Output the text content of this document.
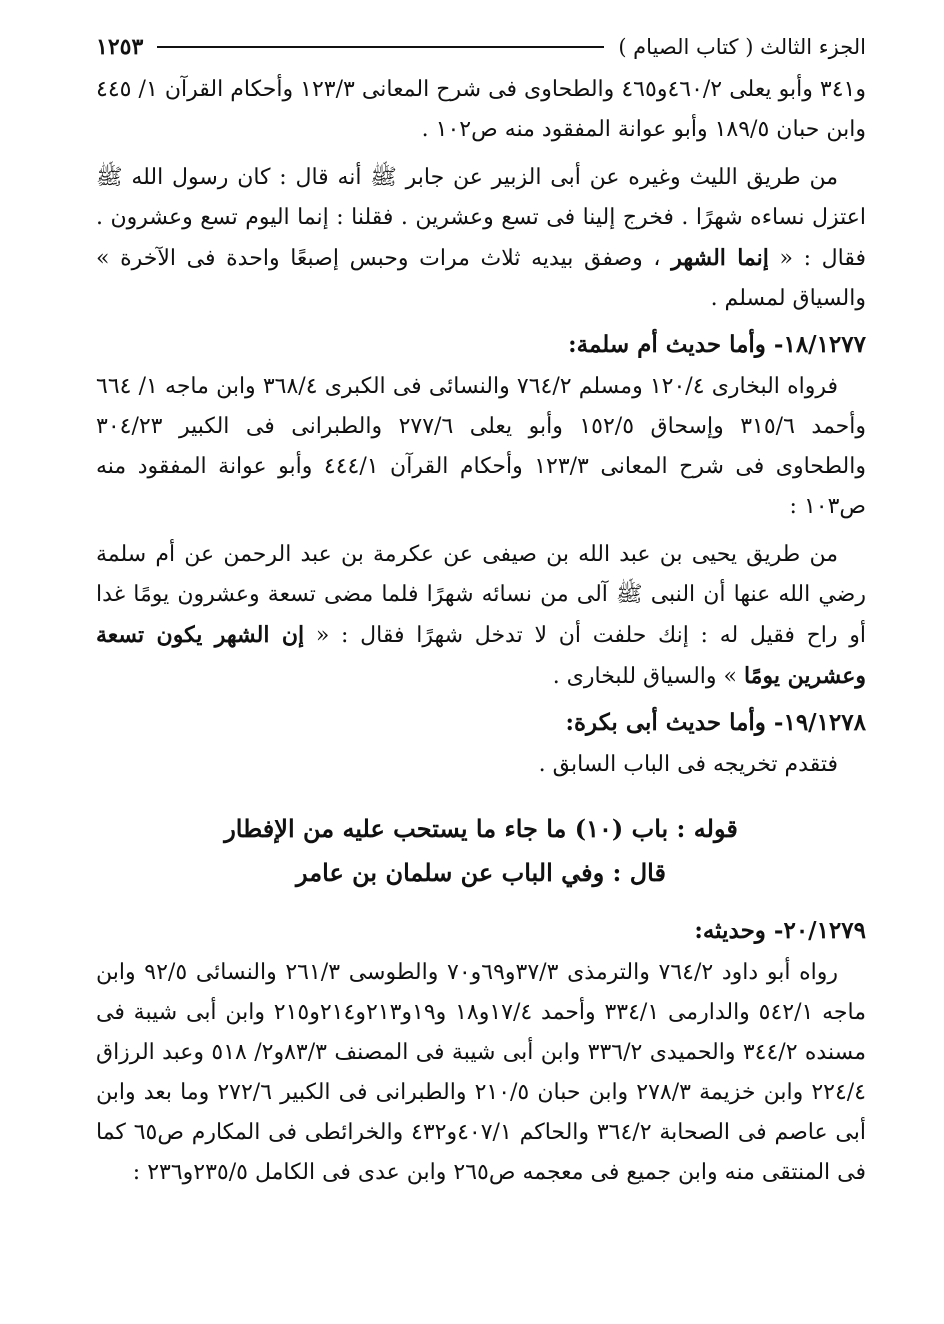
الجزء الثالث ( كتاب الصيام )
١٢٥٣

و٣٤١ وأبو يعلى ٤٦٠/٢و٤٦٥ والطحاوى فى شرح المعانى ١٢٣/٣ وأحكام القرآن ١/ ٤٤٥ وابن حبان ١٨٩/٥ وأبو عوانة المفقود منه ص١٠٢ .

من طريق الليث وغيره عن أبى الزبير عن جابر ﷺ أنه قال : كان رسول الله ﷺ اعتزل نساءه شهرًا . فخرج إلينا فى تسع وعشرين . فقلنا : إنما اليوم تسع وعشرون . فقال : « إنما الشهر ، وصفق بيديه ثلاث مرات وحبس إصبعًا واحدة فى الآخرة » والسياق لمسلم .

١٨/١٢٧٧- وأما حديث أم سلمة:

فرواه البخارى ١٢٠/٤ ومسلم ٧٦٤/٢ والنسائى فى الكبرى ٣٦٨/٤ وابن ماجه ١/ ٦٦٤ وأحمد ٣١٥/٦ وإسحاق ١٥٢/٥ وأبو يعلى ٢٧٧/٦ والطبرانى فى الكبير ٣٠٤/٢٣ والطحاوى فى شرح المعانى ١٢٣/٣ وأحكام القرآن ٤٤٤/١ وأبو عوانة المفقود منه ص١٠٣ :

من طريق يحيى بن عبد الله بن صيفى عن عكرمة بن عبد الرحمن عن أم سلمة رضي الله عنها أن النبى ﷺ آلى من نسائه شهرًا فلما مضى تسعة وعشرون يومًا غدا أو راح فقيل له : إنك حلفت أن لا تدخل شهرًا فقال : « إن الشهر يكون تسعة وعشرين يومًا » والسياق للبخارى .

١٩/١٢٧٨- وأما حديث أبى بكرة:

فتقدم تخريجه فى الباب السابق .

قوله : باب (١٠) ما جاء ما يستحب عليه من الإفطار
قال : وفي الباب عن سلمان بن عامر
٢٠/١٢٧٩- وحديثه:

رواه أبو داود ٧٦٤/٢ والترمذى ٣٧/٣و٦٩و٧٠ والطوسى ٢٦١/٣ والنسائى ٩٢/٥ وابن ماجه ٥٤٢/١ والدارمى ٣٣٤/١ وأحمد ١٧/٤و١٨ و١٩و٢١٣و٢١٤و٢١٥ وابن أبى شيبة فى مسنده ٣٤٤/٢ والحميدى ٣٣٦/٢ وابن أبى شيبة فى المصنف ٨٣/٣و٢/ ٥١٨ وعبد الرزاق ٢٢٤/٤ وابن خزيمة ٢٧٨/٣ وابن حبان ٢١٠/٥ والطبرانى فى الكبير ٢٧٢/٦ وما بعد وابن أبى عاصم فى الصحابة ٣٦٤/٢ والحاكم ٤٠٧/١و٤٣٢ والخرائطى فى المكارم ص٦٥ كما فى المنتقى منه وابن جميع فى معجمه ص٢٦٥ وابن عدى فى الكامل ٢٣٥/٥و٢٣٦ :
